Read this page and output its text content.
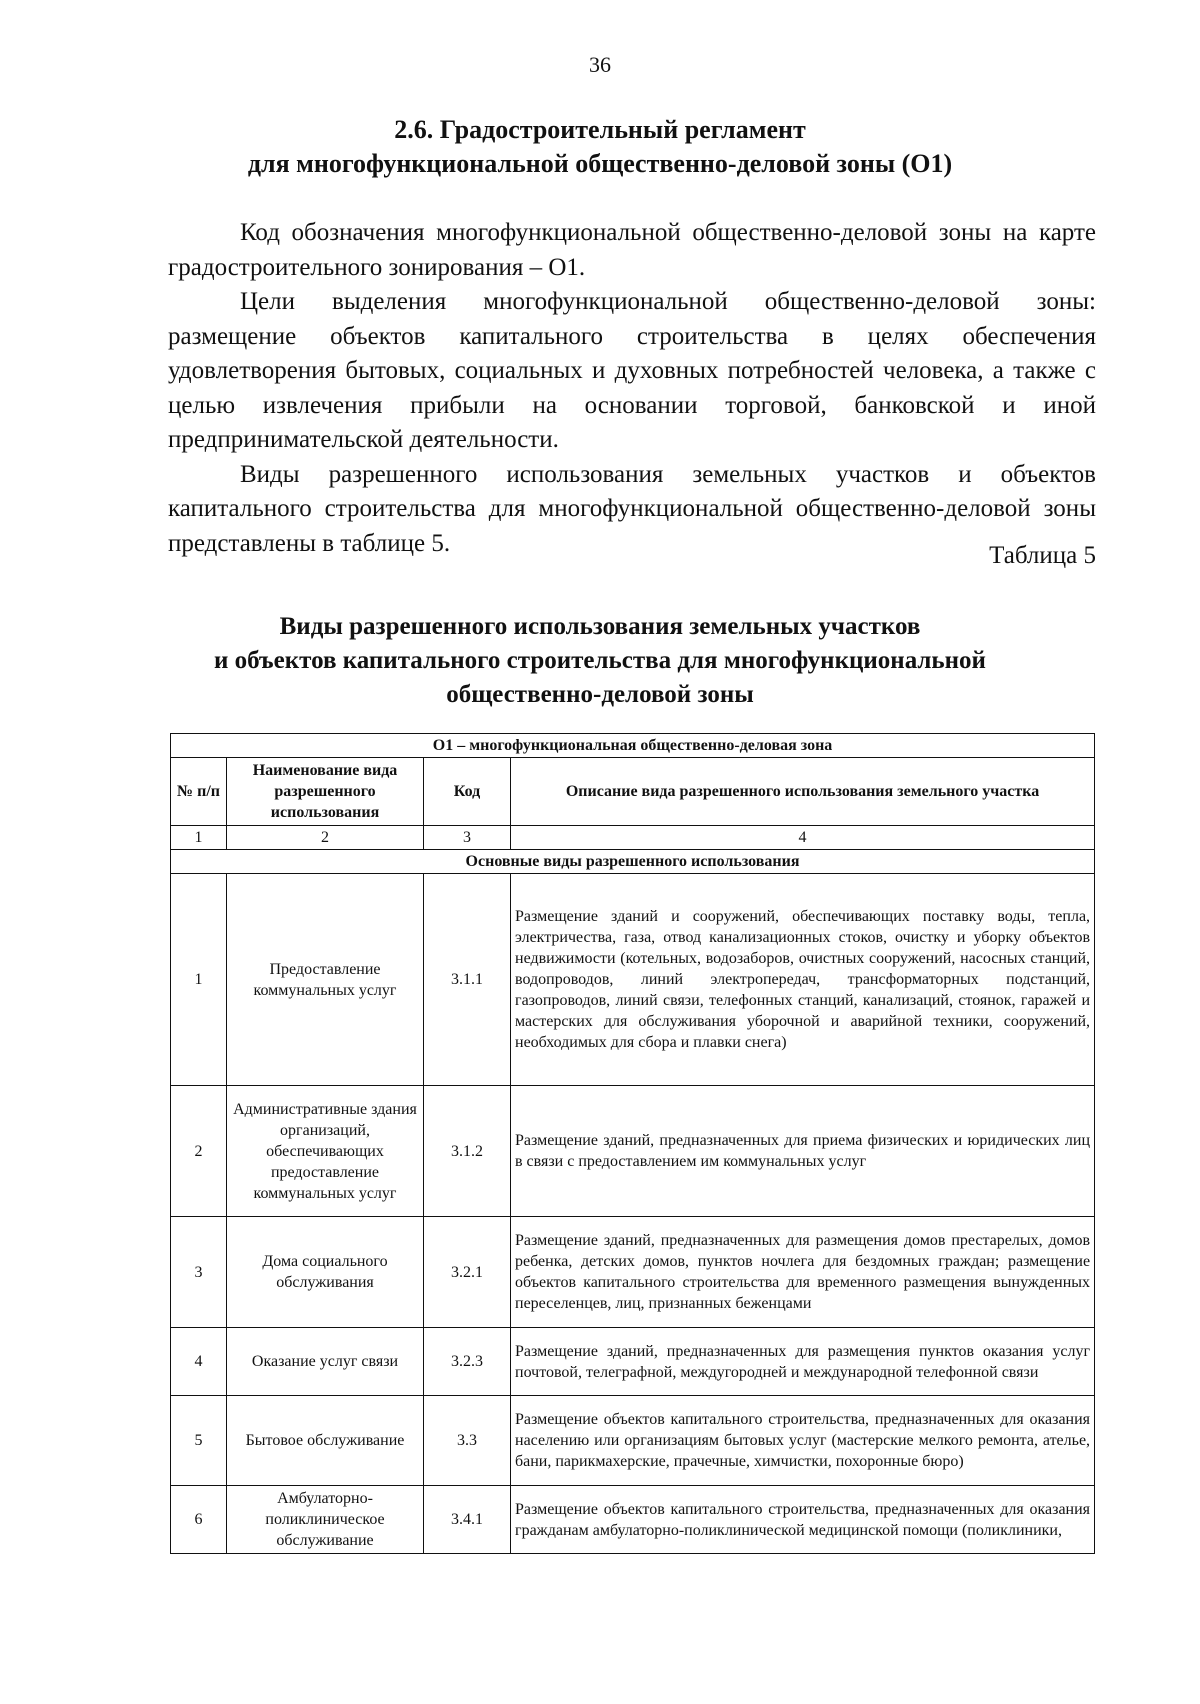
36
2.6. Градостроительный регламент
для многофункциональной общественно-деловой зоны (О1)

Код обозначения многофункциональной общественно-деловой зоны на карте градостроительного зонирования – О1.

Цели выделения многофункциональной общественно-деловой зоны: размещение объектов капитального строительства в целях обеспечения удовлетворения бытовых, социальных и духовных потребностей человека, а также с целью извлечения прибыли на основании торговой, банковской и иной предпринимательской деятельности.

Виды разрешенного использования земельных участков и объектов капитального строительства для многофункциональной общественно-деловой зоны представлены в таблице 5.	Таблица 5
Виды разрешенного использования земельных участков
и объектов капитального строительства для многофункциональной
общественно-деловой зоны
О1 – многофункциональная общественно-деловая зона			
№ п/п	Наименование вида разрешенного использования	Код	Описание вида разрешенного использования земельного участка
1	2	3	4
Основные виды разрешенного использования			
1	Предоставление коммунальных услуг	3.1.1	Размещение зданий и сооружений, обеспечивающих поставку воды, тепла, электричества, газа, отвод канализационных стоков, очистку и уборку объектов недвижимости (котельных, водозаборов, очистных сооружений, насосных станций, водопроводов, линий электропередач, трансформаторных подстанций, газопроводов, линий связи, телефонных станций, канализаций, стоянок, гаражей и мастерских для обслуживания уборочной и аварийной техники, сооружений, необходимых для сбора и плавки снега)
2	Административные здания организаций, обеспечивающих предоставление коммунальных услуг	3.1.2	Размещение зданий, предназначенных для приема физических и юридических лиц в связи с предоставлением им коммунальных услуг
3	Дома социального обслуживания	3.2.1	Размещение зданий, предназначенных для размещения домов престарелых, домов ребенка, детских домов, пунктов ночлега для бездомных граждан; размещение объектов капитального строительства для временного размещения вынужденных переселенцев, лиц, признанных беженцами
4	Оказание услуг связи	3.2.3	Размещение зданий, предназначенных для размещения пунктов оказания услуг почтовой, телеграфной, междугородней и международной телефонной связи
5	Бытовое обслуживание	3.3	Размещение объектов капитального строительства, предназначенных для оказания населению или организациям бытовых услуг (мастерские мелкого ремонта, ателье, бани, парикмахерские, прачечные, химчистки, похоронные бюро)
6	Амбулаторно-поликлиническое обслуживание	3.4.1	Размещение объектов капитального строительства, предназначенных для оказания гражданам амбулаторно-поликлинической медицинской помощи (поликлиники,
